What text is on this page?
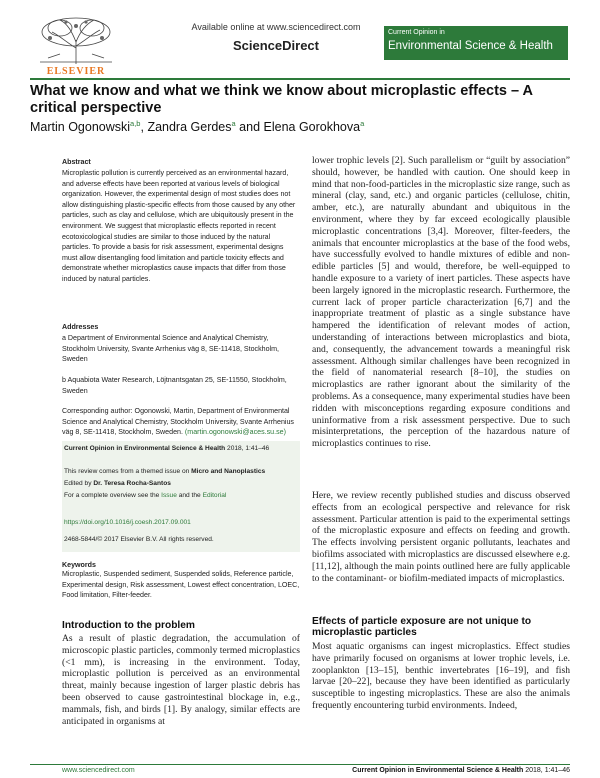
ELSEVIER
Available online at www.sciencedirect.com
ScienceDirect
Current Opinion in
Environmental Science & Health
What we know and what we think we know about microplastic effects – A critical perspective
Martin Ogonowski$^{a,b}$, Zandra Gerdes$^a$ and Elena Gorokhova$^a$
Abstract
Microplastic pollution is currently perceived as an environmental hazard, and adverse effects have been reported at various levels of biological organization. However, the experimental design of most studies does not allow distinguishing plastic-specific effects from those caused by any other particles, such as clay and cellulose, which are ubiquitously present in the environment. We suggest that microplastic effects reported in recent ecotoxicological studies are similar to those induced by the natural particles. To provide a basis for risk assessment, experimental designs must allow disentangling food limitation and particle toxicity effects and demonstrate whether microplastics cause impacts that differ from those induced by natural particles.
Addresses
a Department of Environmental Science and Analytical Chemistry, Stockholm University, Svante Arrhenius väg 8, SE-11418, Stockholm, Sweden
b Aquabiota Water Research, Löjtnantsgatan 25, SE-11550, Stockholm, Sweden
Corresponding author: Ogonowski, Martin, Department of Environmental Science and Analytical Chemistry, Stockholm University, Svante Arrhenius väg 8, SE-11418, Stockholm, Sweden. (martin.ogonowski@aces.su.se)
Current Opinion in Environmental Science & Health 2018, 1:41–46
This review comes from a themed issue on Micro and Nanoplastics
Edited by Dr. Teresa Rocha-Santos
For a complete overview see the Issue and the Editorial
https://doi.org/10.1016/j.coesh.2017.09.001
2468-5844/© 2017 Elsevier B.V. All rights reserved.
Keywords
Microplastic, Suspended sediment, Suspended solids, Reference particle, Experimental design, Risk assessment, Lowest effect concentration, LOEC, Food limitation, Filter-feeder.
Introduction to the problem
As a result of plastic degradation, the accumulation of microscopic plastic particles, commonly termed microplastics (<1 mm), is increasing in the environment. Today, microplastic pollution is perceived as an environmental threat, mainly because ingestion of larger plastic debris has been observed to cause gastrointestinal blockage in, e.g., mammals, fish, and birds [1]. By analogy, similar effects are anticipated in organisms at
lower trophic levels [2]. Such parallelism or “guilt by association” should, however, be handled with caution. One should keep in mind that non-food-particles in the microplastic size range, such as mineral (clay, sand, etc.) and organic particles (cellulose, chitin, amber, etc.), are naturally abundant and ubiquitous in the environment, where they by far exceed ecologically plausible microplastic concentrations [3,4]. Moreover, filter-feeders, the animals that encounter microplastics at the base of the food webs, have successfully evolved to handle mixtures of edible and non-edible particles [5] and would, therefore, be well-equipped to handle exposure to a variety of inert particles. These aspects have been largely ignored in the microplastic research. Furthermore, the current lack of proper particle characterization [6,7] and the inappropriate treatment of plastic as a single substance have hampered the identification of relevant modes of action, understanding of interactions between microplastics and biota, and, consequently, the advancement towards a meaningful risk assessment. Although similar challenges have been recognized in the field of nanomaterial research [8–10], the studies on microplastics are rather ignorant about the similarity of the problems. As a consequence, many experimental studies have been ridden with misconceptions regarding exposure conditions and uninformative from a risk assessment perspective. Due to such misinterpretations, the perception of the hazardous nature of microplastics continues to rise.
Here, we review recently published studies and discuss observed effects from an ecological perspective and relevance for risk assessment. Particular attention is paid to the experimental settings of the microplastic exposure and effects on feeding and growth. The effects involving persistent organic pollutants, leachates and biofilms associated with microplastics are discussed elsewhere e.g. [11,12], although the main points outlined here are fully applicable to the contaminant- or biofilm-mediated impacts of microplastics.
Effects of particle exposure are not unique to microplastic particles
Most aquatic organisms can ingest microplastics. Effect studies have primarily focused on organisms at lower trophic levels, i.e. zooplankton [13–15], benthic invertebrates [16–19], and fish larvae [20–22], because they have been identified as particularly susceptible to ingesting microplastics. These are also the animals frequently encountering turbid environments. Indeed,
www.sciencedirect.com	Current Opinion in Environmental Science & Health 2018, 1:41–46
